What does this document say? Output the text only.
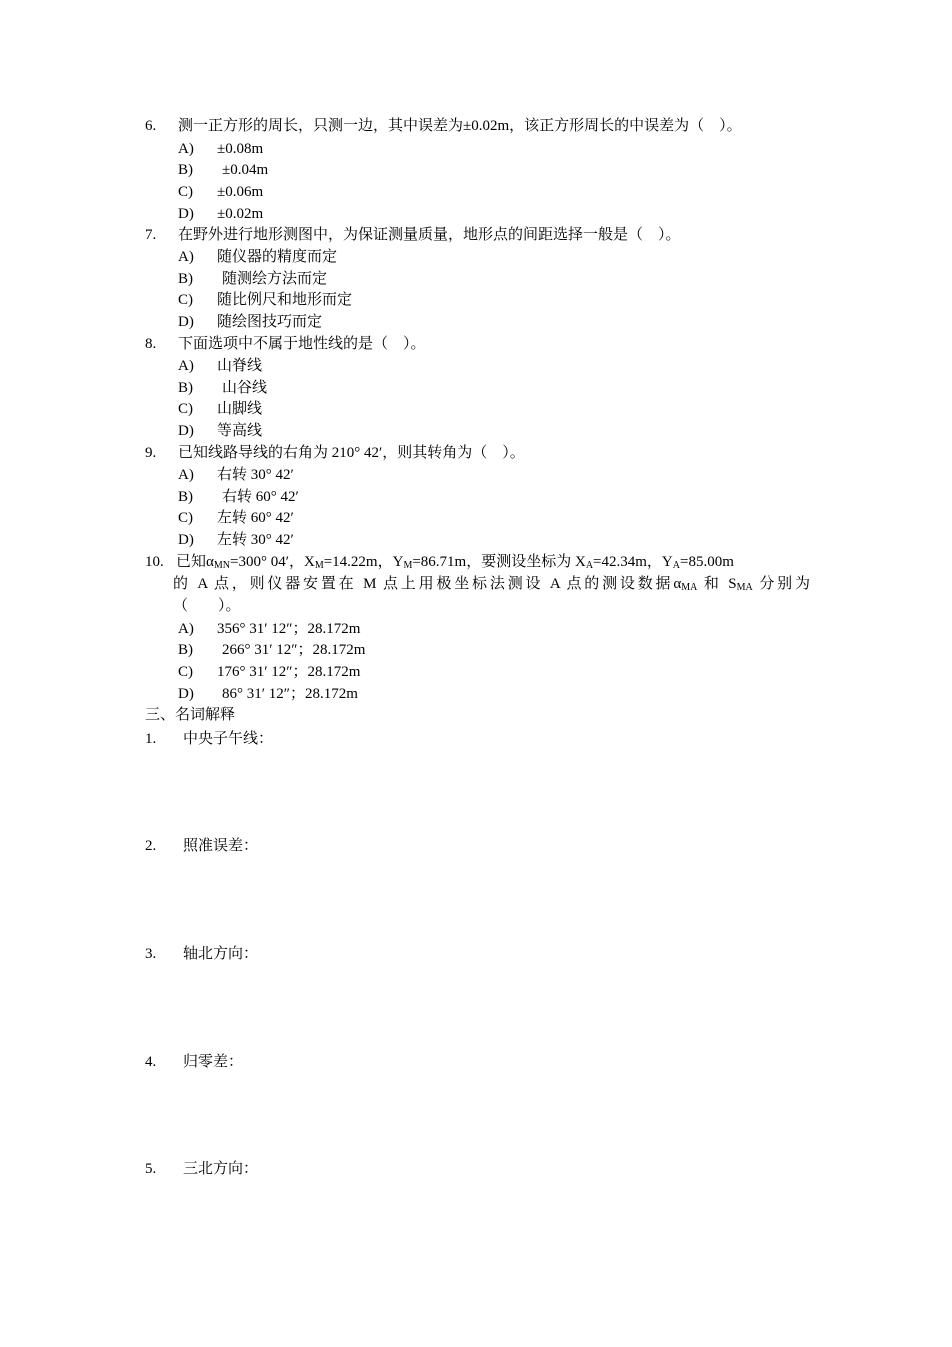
6. 测一正方形的周长，只测一边，其中误差为±0.02m，该正方形周长的中误差为（　）。
A) ±0.08m
B) ±0.04m
C) ±0.06m
D) ±0.02m
7. 在野外进行地形测图中，为保证测量质量，地形点的间距选择一般是（　）。
A) 随仪器的精度而定
B) 随测绘方法而定
C) 随比例尺和地形而定
D) 随绘图技巧而定
8. 下面选项中不属于地性线的是（　）。
A) 山脊线
B) 山谷线
C) 山脚线
D) 等高线
9. 已知线路导线的右角为 210° 42′，则其转角为（　）。
A) 右转 30° 42′
B) 右转 60° 42′
C) 左转 60° 42′
D) 左转 30° 42′
10. 已知$\alpha_{MN}=300^\circ$ 04′，$X_M=14.22m$，$Y_M=86.71m$，要测设坐标为 $X_A=42.34m$，$Y_A=85.00m$
的 A 点，则仪器安置在 M 点上用极坐标法测设 A 点的测设数据$\alpha_{MA}$ 和 $S_{MA}$ 分别为
（　　）。
A) 356° 31′ 12″；28.172m
B) 266° 31′ 12″；28.172m
C) 176° 31′ 12″；28.172m
D) 86° 31′ 12″；28.172m
三、名词解释
1. 中央子午线：
2. 照准误差：
3. 轴北方向：
4. 归零差：
5. 三北方向：
